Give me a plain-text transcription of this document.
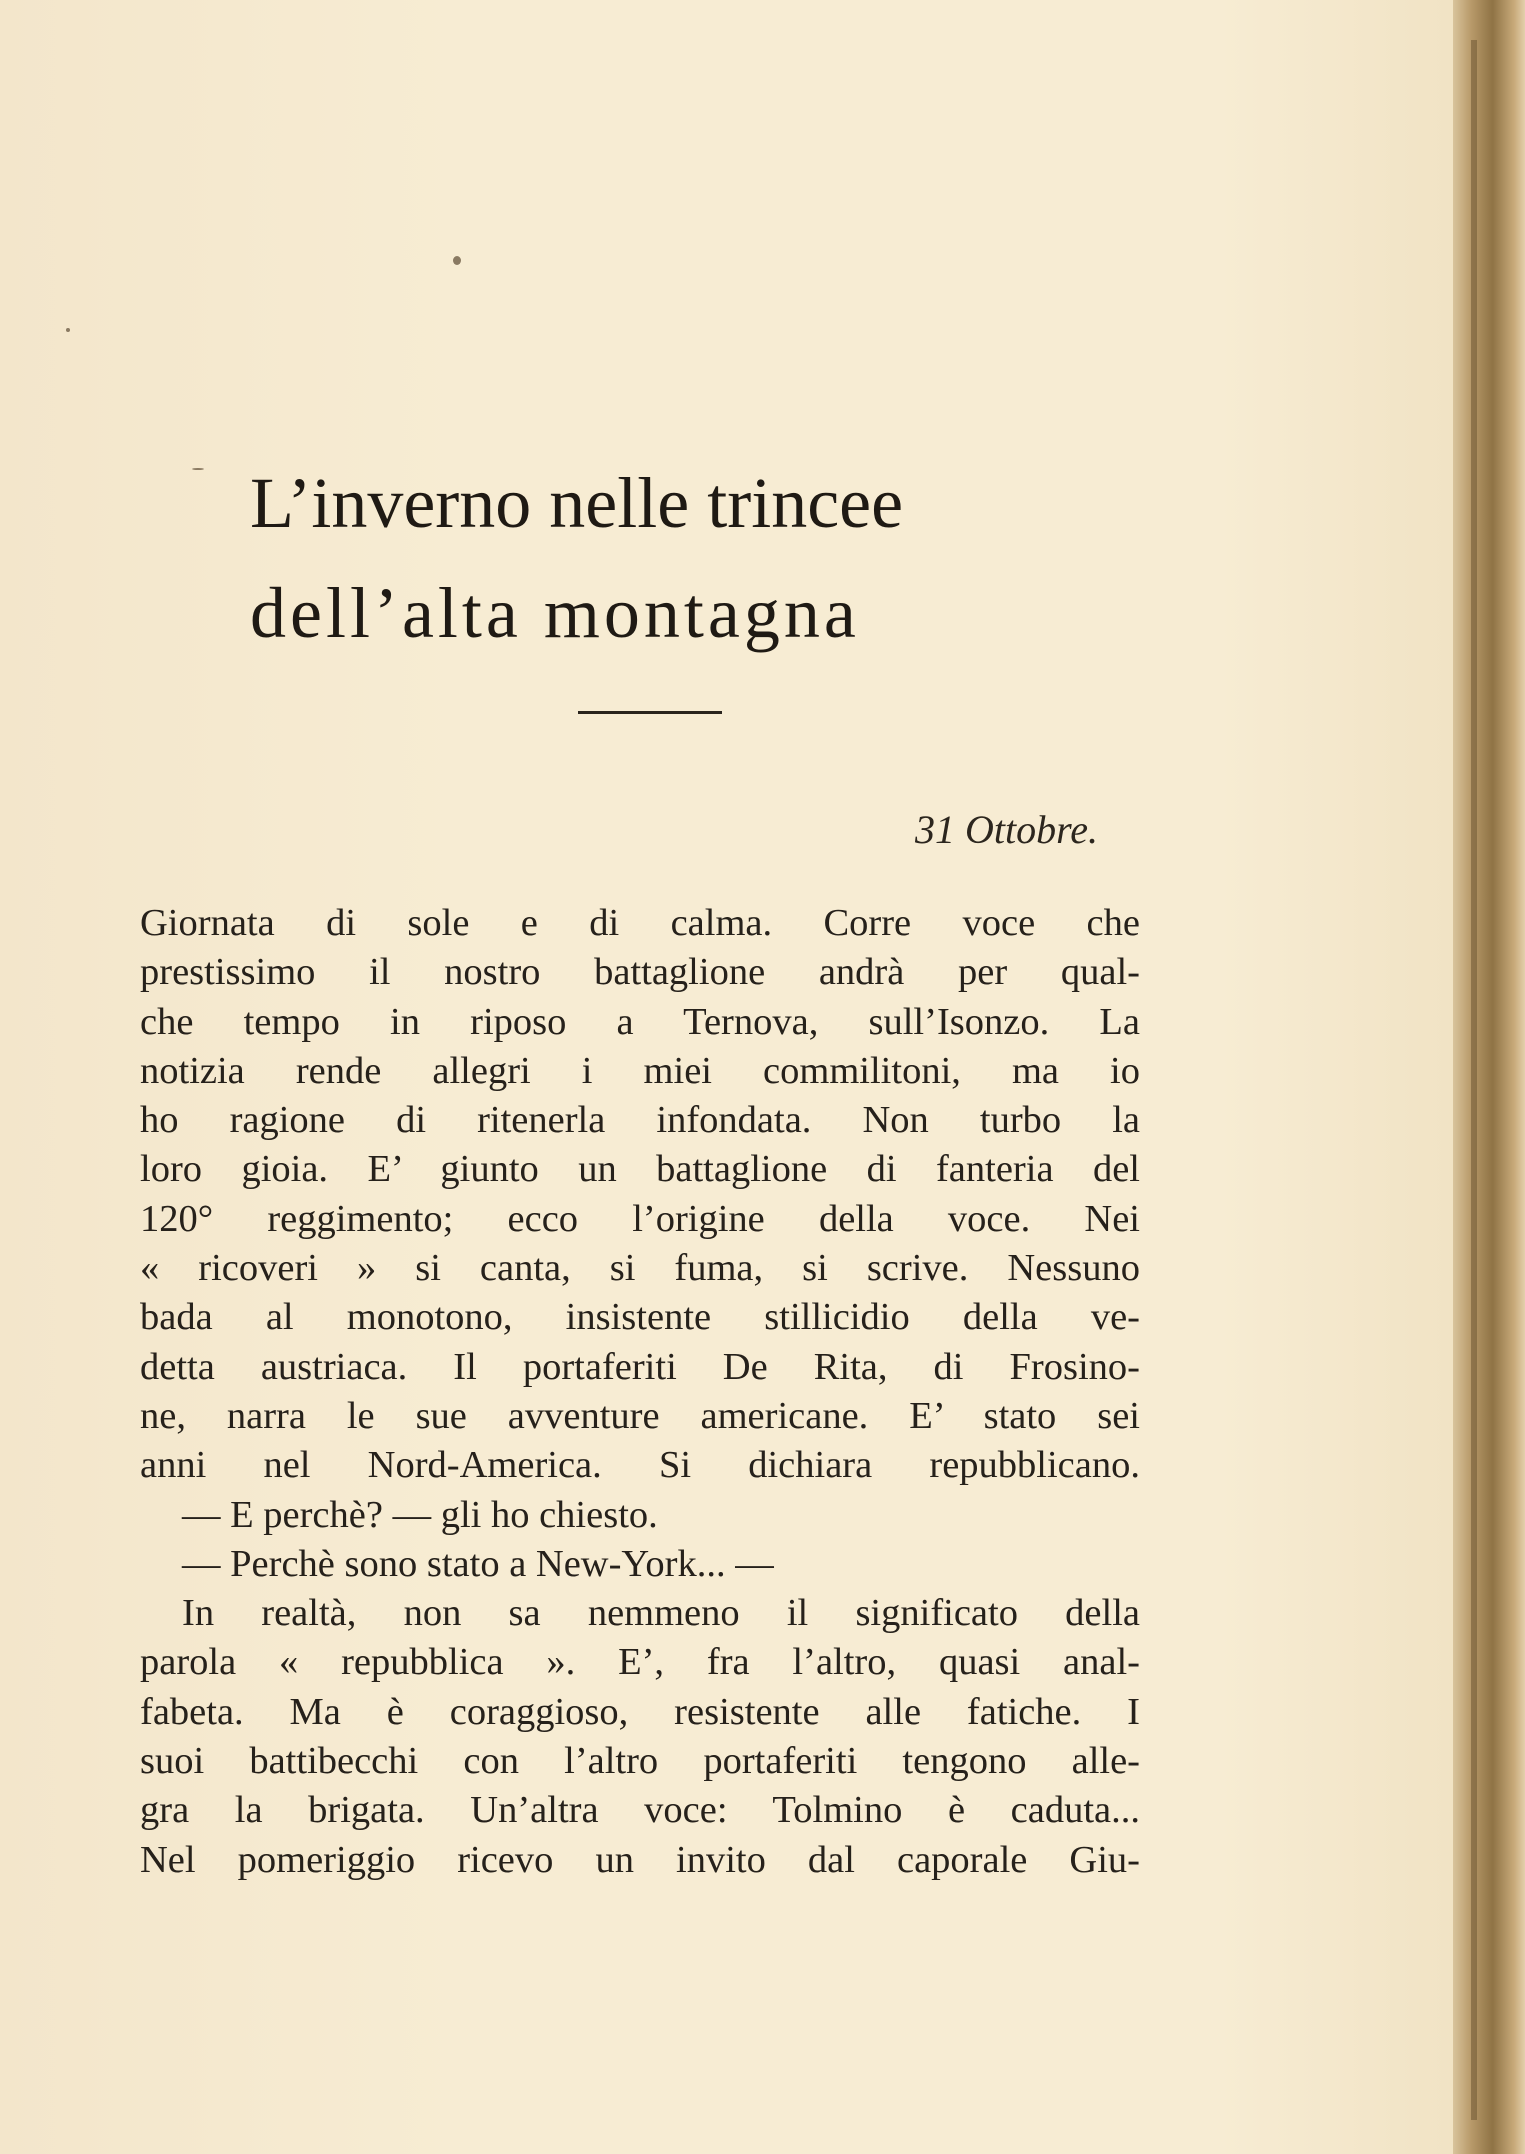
L’inverno nelle trincee
dell’alta montagna
31 Ottobre.
Giornata di sole e di calma. Corre voce che
prestissimo il nostro battaglione andrà per qual-
che tempo in riposo a Ternova, sull’Isonzo. La
notizia rende allegri i miei commilitoni, ma io
ho ragione di ritenerla infondata. Non turbo la
loro gioia. E’ giunto un battaglione di fanteria del
120° reggimento; ecco l’origine della voce. Nei
« ricoveri » si canta, si fuma, si scrive. Nessuno
bada al monotono, insistente stillicidio della ve-
detta austriaca. Il portaferiti De Rita, di Frosino-
ne, narra le sue avventure americane. E’ stato sei
anni nel Nord-America. Si dichiara repubblicano.
— E perchè? — gli ho chiesto.
— Perchè sono stato a New-York... —
In realtà, non sa nemmeno il significato della
parola « repubblica ». E’, fra l’altro, quasi anal-
fabeta. Ma è coraggioso, resistente alle fatiche. I
suoi battibecchi con l’altro portaferiti tengono alle-
gra la brigata. Un’altra voce: Tolmino è caduta...
Nel pomeriggio ricevo un invito dal caporale Giu-
